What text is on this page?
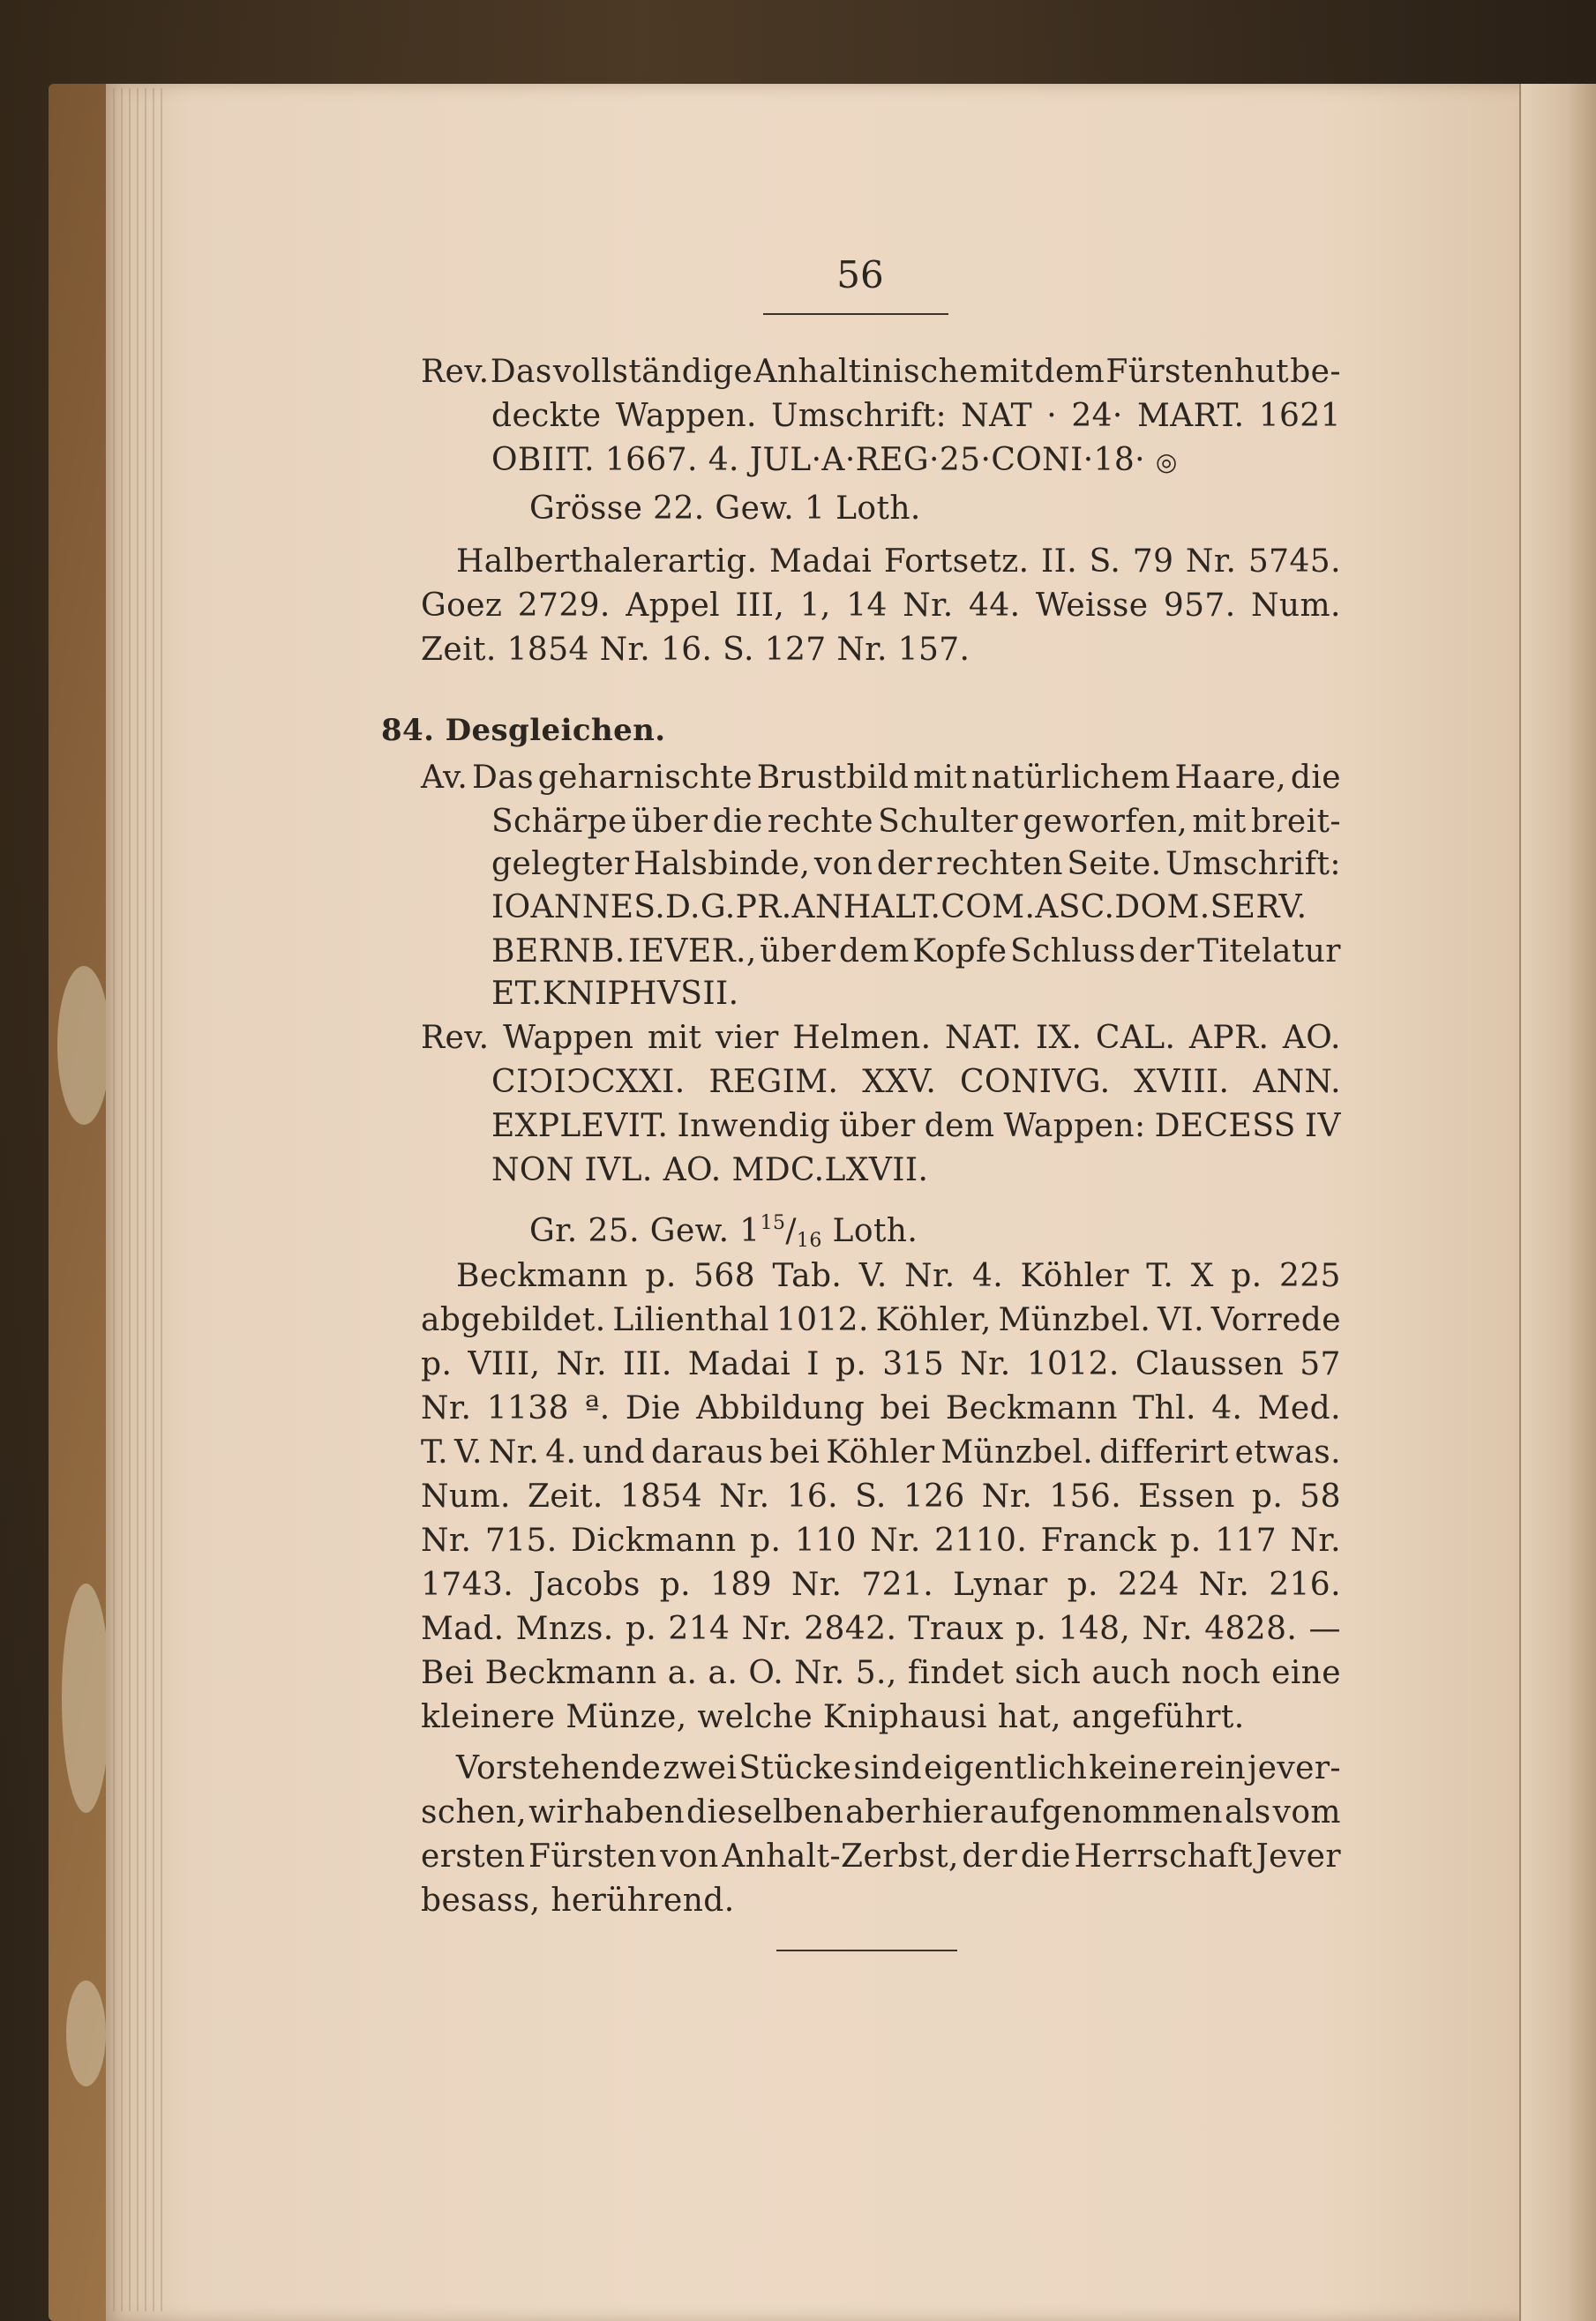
56
Rev. Das vollständige Anhaltinische mit dem Fürstenhut be-
deckte Wappen. Umschrift: NAT · 24· MART. 1621
OBIIT. 1667. 4. JUL·A·REG·25·CONI·18· ◎
Grösse 22. Gew. 1 Loth.
Halberthalerartig. Madai Fortsetz. II. S. 79 Nr. 5745.
Goez 2729. Appel III, 1, 14 Nr. 44. Weisse 957. Num.
Zeit. 1854 Nr. 16. S. 127 Nr. 157.
84. Desgleichen.
Av. Das geharnischte Brustbild mit natürlichem Haare, die
Schärpe über die rechte Schulter geworfen, mit breit-
gelegter Halsbinde, von der rechten Seite. Umschrift:
IOANNES.D.G.PR.ANHALT.COM.ASC.DOM.SERV.
BERNB. IEVER., über dem Kopfe Schluss der Titelatur
ET.KNIPHVSII.
Rev. Wappen mit vier Helmen. NAT. IX. CAL. APR. AO.
CIϽIϽCXXI. REGIM. XXV. CONIVG. XVIII. ANN.
EXPLEVIT. Inwendig über dem Wappen: DECESS IV
NON IVL. AO. MDC.LXVII.
Gr. 25. Gew. $1^{15}/_{16}$ Loth.
Beckmann p. 568 Tab. V. Nr. 4. Köhler T. X p. 225
abgebildet. Lilienthal 1012. Köhler, Münzbel. VI. Vorrede
p. VIII, Nr. III. Madai I p. 315 Nr. 1012. Claussen 57
Nr. 1138 ª. Die Abbildung bei Beckmann Thl. 4. Med.
T. V. Nr. 4. und daraus bei Köhler Münzbel. differirt etwas.
Num. Zeit. 1854 Nr. 16. S. 126 Nr. 156. Essen p. 58
Nr. 715. Dickmann p. 110 Nr. 2110. Franck p. 117 Nr.
1743. Jacobs p. 189 Nr. 721. Lynar p. 224 Nr. 216.
Mad. Mnzs. p. 214 Nr. 2842. Traux p. 148, Nr. 4828. —
Bei Beckmann a. a. O. Nr. 5., findet sich auch noch eine
kleinere Münze, welche Kniphausi hat, angeführt.
Vorstehende zwei Stücke sind eigentlich keine rein jever-
schen, wir haben dieselben aber hier aufgenommen als vom
ersten Fürsten von Anhalt-Zerbst, der die Herrschaft Jever
besass, herührend.
